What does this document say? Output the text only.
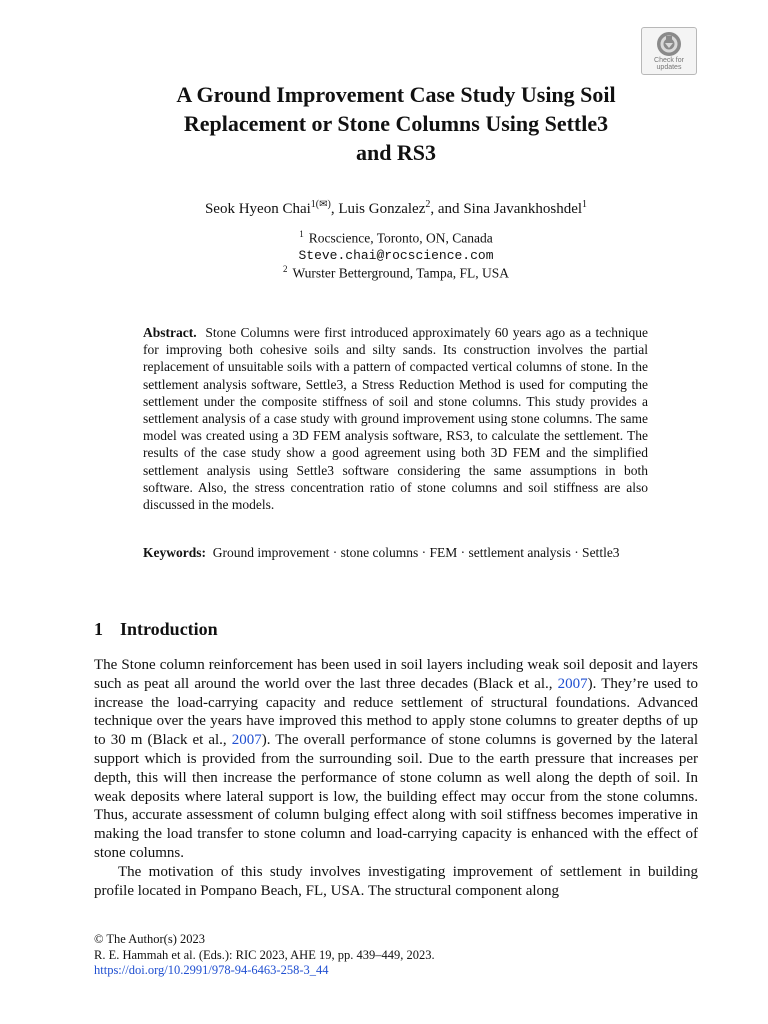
Check for
updates
A Ground Improvement Case Study Using Soil
Replacement or Stone Columns Using Settle3
and RS3
Seok Hyeon Chai$^{1(✉)}$, Luis Gonzalez$^2$, and Sina Javankhoshdel$^1$
$^1$ Rocscience, Toronto, ON, Canada
Steve.chai@rocscience.com
$^2$ Wurster Betterground, Tampa, FL, USA
Abstract. Stone Columns were first introduced approximately 60 years ago as a technique for improving both cohesive soils and silty sands. Its construction involves the partial replacement of unsuitable soils with a pattern of compacted vertical columns of stone. In the settlement analysis software, Settle3, a Stress Reduction Method is used for computing the settlement under the composite stiffness of soil and stone columns. This study provides a settlement analysis of a case study with ground improvement using stone columns. The same model was created using a 3D FEM analysis software, RS3, to calculate the settlement. The results of the case study show a good agreement using both 3D FEM and the simplified settlement analysis using Settle3 software considering the same assumptions in both software. Also, the stress concentration ratio of stone columns and soil stiffness are also discussed in the models.
Keywords: Ground improvement · stone columns · FEM · settlement analysis · Settle3
1 Introduction

The Stone column reinforcement has been used in soil layers including weak soil deposit and layers such as peat all around the world over the last three decades (Black et al., 2007). They’re used to increase the load-carrying capacity and reduce settlement of structural foundations. Advanced technique over the years have improved this method to apply stone columns to greater depths of up to 30 m (Black et al., 2007). The overall performance of stone columns is governed by the lateral support which is provided from the surrounding soil. Due to the earth pressure that increases per depth, this will then increase the performance of stone column as well along the depth of soil. In weak deposits where lateral support is low, the building effect may occur from the stone columns. Thus, accurate assessment of column bulging effect along with soil stiffness becomes imperative in making the load transfer to stone column and load-carrying capacity is enhanced with the effect of stone columns.

The motivation of this study involves investigating improvement of settlement in building profile located in Pompano Beach, FL, USA. The structural component along

© The Author(s) 2023
R. E. Hammah et al. (Eds.): RIC 2023, AHE 19, pp. 439–449, 2023.
https://doi.org/10.2991/978-94-6463-258-3_44
